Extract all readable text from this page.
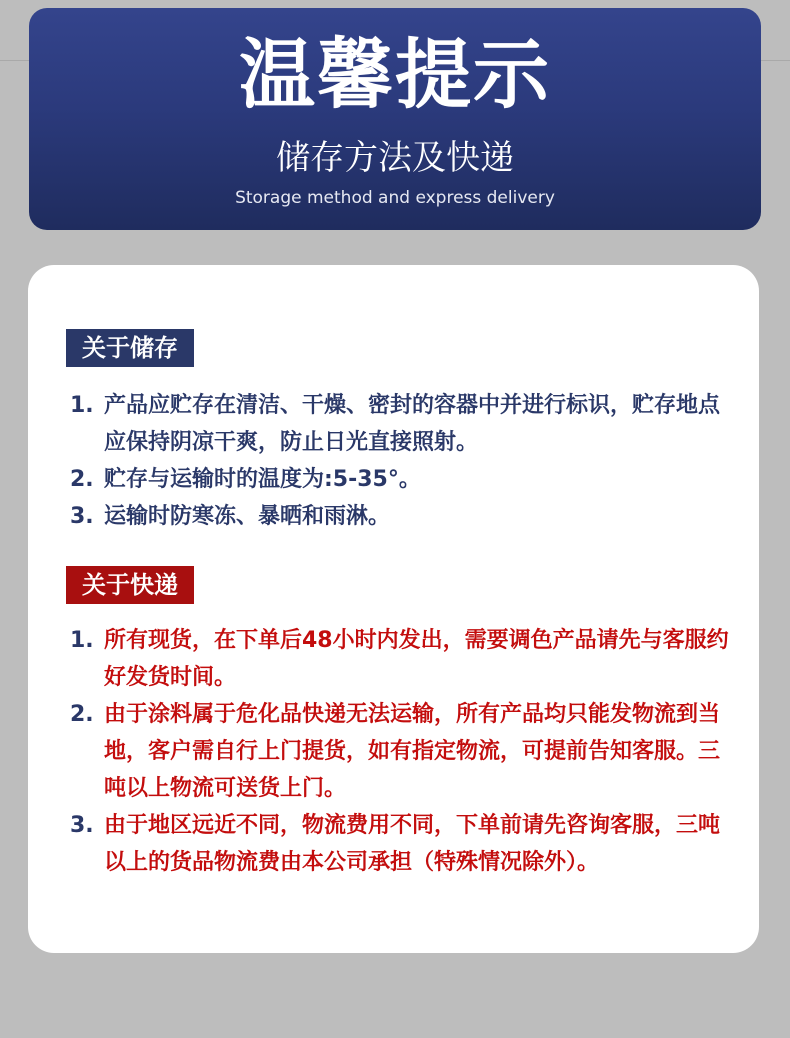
温馨提示
储存方法及快递
Storage method and express delivery
关于储存
1. 产品应贮存在清洁、干燥、密封的容器中并进行标识，贮存地点应保持阴凉干爽，防止日光直接照射。
2. 贮存与运输时的温度为:5-35°。
3. 运输时防寒冻、暴晒和雨淋。
关于快递
1. 所有现货，在下单后48小时内发出，需要调色产品请先与客服约好发货时间。
2. 由于涂料属于危化品快递无法运输，所有产品均只能发物流到当地，客户需自行上门提货，如有指定物流，可提前告知客服。三吨以上物流可送货上门。
3. 由于地区远近不同，物流费用不同，下单前请先咨询客服，三吨以上的货品物流费由本公司承担（特殊情况除外）。
